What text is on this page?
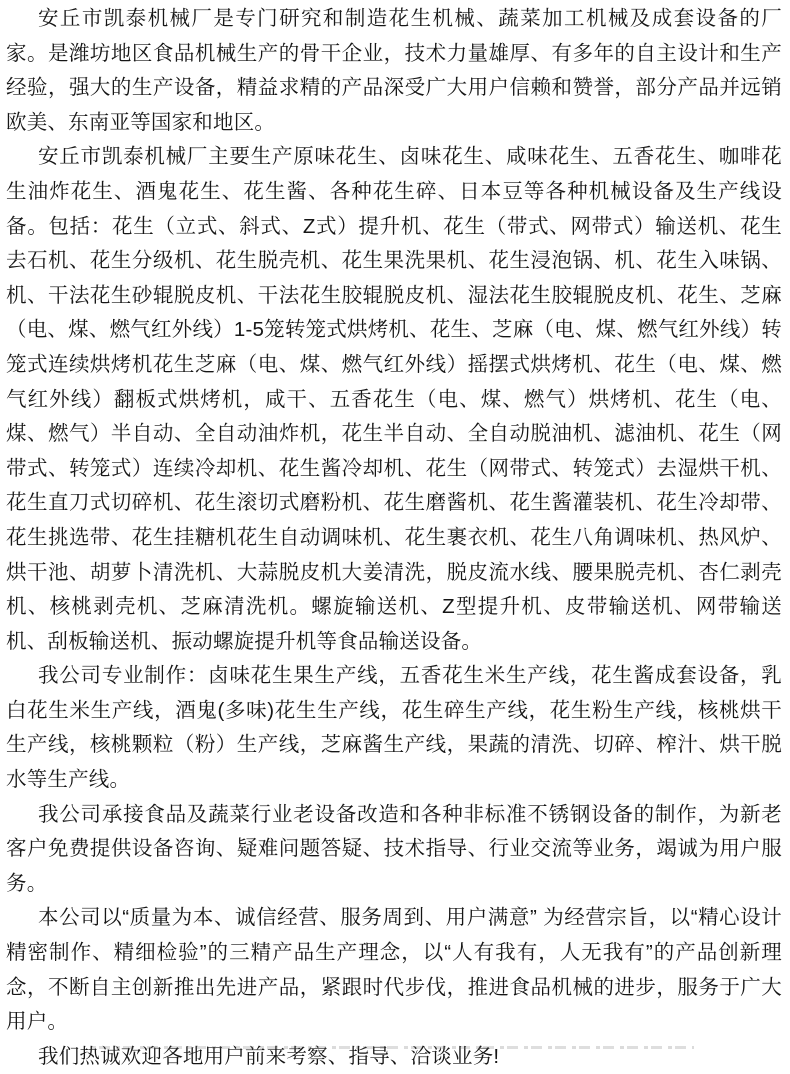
安丘市凯泰机械厂是专门研究和制造花生机械、蔬菜加工机械及成套设备的厂家。是潍坊地区食品机械生产的骨干企业，技术力量雄厚、有多年的自主设计和生产经验，强大的生产设备，精益求精的产品深受广大用户信赖和赞誉，部分产品并远销欧美、东南亚等国家和地区。

安丘市凯泰机械厂主要生产原味花生、卤味花生、咸味花生、五香花生、咖啡花生油炸花生、酒鬼花生、花生酱、各种花生碎、日本豆等各种机械设备及生产线设备。包括：花生（立式、斜式、Z式）提升机、花生（带式、网带式）输送机、花生去石机、花生分级机、花生脱壳机、花生果洗果机、花生浸泡锅、机、花生入味锅、机、干法花生砂辊脱皮机、干法花生胶辊脱皮机、湿法花生胶辊脱皮机、花生、芝麻（电、煤、燃气红外线）1-5笼转笼式烘烤机、花生、芝麻（电、煤、燃气红外线）转笼式连续烘烤机花生芝麻（电、煤、燃气红外线）摇摆式烘烤机、花生（电、煤、燃气红外线）翻板式烘烤机，咸干、五香花生（电、煤、燃气）烘烤机、花生（电、煤、燃气）半自动、全自动油炸机，花生半自动、全自动脱油机、滤油机、花生（网带式、转笼式）连续冷却机、花生酱冷却机、花生（网带式、转笼式）去湿烘干机、花生直刀式切碎机、花生滚切式磨粉机、花生磨酱机、花生酱灌装机、花生冷却带、花生挑选带、花生挂糖机花生自动调味机、花生裹衣机、花生八角调味机、热风炉、烘干池、胡萝卜清洗机、大蒜脱皮机大姜清洗，脱皮流水线、腰果脱壳机、杏仁剥壳机、核桃剥壳机、芝麻清洗机。螺旋输送机、Z型提升机、皮带输送机、网带输送机、刮板输送机、振动螺旋提升机等食品输送设备。

我公司专业制作：卤味花生果生产线，五香花生米生产线，花生酱成套设备，乳白花生米生产线，酒鬼(多味)花生生产线，花生碎生产线，花生粉生产线，核桃烘干生产线，核桃颗粒（粉）生产线，芝麻酱生产线，果蔬的清洗、切碎、榨汁、烘干脱水等生产线。

我公司承接食品及蔬菜行业老设备改造和各种非标准不锈钢设备的制作，为新老客户免费提供设备咨询、疑难问题答疑、技术指导、行业交流等业务，竭诚为用户服务。

本公司以“质量为本、诚信经营、服务周到、用户满意” 为经营宗旨，以“精心设计精密制作、精细检验”的三精产品生产理念，以“人有我有，人无我有”的产品创新理念，不断自主创新推出先进产品，紧跟时代步伐，推进食品机械的进步，服务于广大用户。

我们热诚欢迎各地用户前来考察、指导、洽谈业务!
